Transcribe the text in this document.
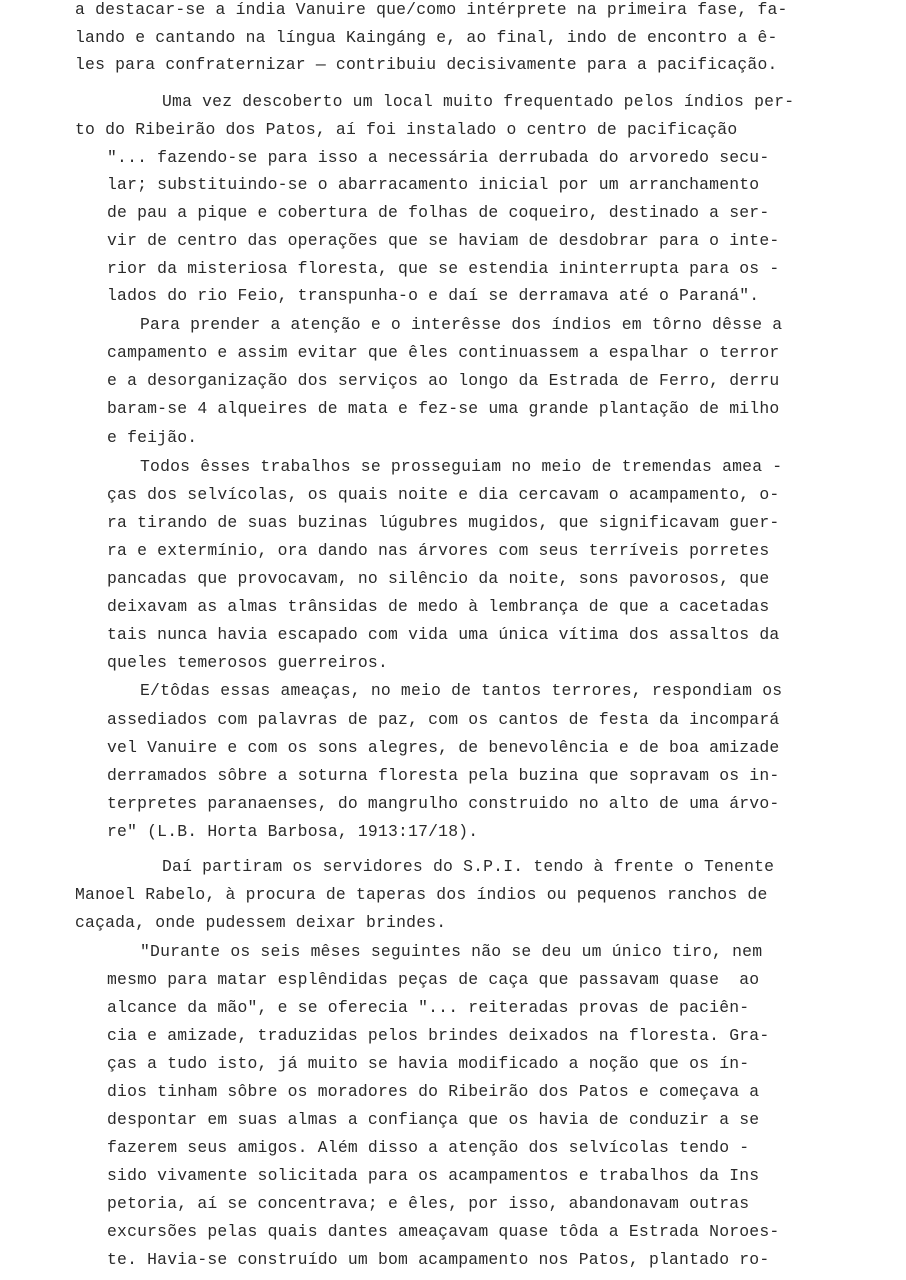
a destacar-se a índia Vanuire que/como intérprete na primeira fase, fa-
lando e cantando na língua Kaingáng e, ao final, indo de encontro a ê-
les para confraternizar — contribuiu decisivamente para a pacificação.
Uma vez descoberto um local muito frequentado pelos índios per-
to do Ribeirão dos Patos, aí foi instalado o centro de pacificação
"... fazendo-se para isso a necessária derrubada do arvoredo secu-
lar; substituindo-se o abarracamento inicial por um arranchamento
de pau a pique e cobertura de folhas de coqueiro, destinado a ser-
vir de centro das operações que se haviam de desdobrar para o inte-
rior da misteriosa floresta, que se estendia ininterrupta para os -
lados do rio Feio, transpunha-o e daí se derramava até o Paraná".
Para prender a atenção e o interêsse dos índios em tôrno dêsse a
campamento e assim evitar que êles continuassem a espalhar o terror
e a desorganização dos serviços ao longo da Estrada de Ferro, derru
baram-se 4 alqueires de mata e fez-se uma grande plantação de milho
e feijão.
Todos êsses trabalhos se prosseguiam no meio de tremendas amea -
ças dos selvícolas, os quais noite e dia cercavam o acampamento, o-
ra tirando de suas buzinas lúgubres mugidos, que significavam guer-
ra e extermínio, ora dando nas árvores com seus terríveis porretes
pancadas que provocavam, no silêncio da noite, sons pavorosos, que
deixavam as almas trânsidas de medo à lembrança de que a cacetadas
tais nunca havia escapado com vida uma única vítima dos assaltos da
queles temerosos guerreiros.
E/tôdas essas ameaças, no meio de tantos terrores, respondiam os
assediados com palavras de paz, com os cantos de festa da incompará
vel Vanuire e com os sons alegres, de benevolência e de boa amizade
derramados sôbre a soturna floresta pela buzina que sopravam os in-
terpretes paranaenses, do mangrulho construido no alto de uma árvo-
re" (L.B. Horta Barbosa, 1913:17/18).
Daí partiram os servidores do S.P.I. tendo à frente o Tenente
Manoel Rabelo, à procura de taperas dos índios ou pequenos ranchos de
caçada, onde pudessem deixar brindes.
"Durante os seis mêses seguintes não se deu um único tiro, nem
mesmo para matar esplêndidas peças de caça que passavam quase  ao
alcance da mão", e se oferecia "... reiteradas provas de paciên-
cia e amizade, traduzidas pelos brindes deixados na floresta. Gra-
ças a tudo isto, já muito se havia modificado a noção que os ín-
dios tinham sôbre os moradores do Ribeirão dos Patos e começava a
despontar em suas almas a confiança que os havia de conduzir a se
fazerem seus amigos. Além disso a atenção dos selvícolas tendo -
sido vivamente solicitada para os acampamentos e trabalhos da Ins
petoria, aí se concentrava; e êles, por isso, abandonavam outras
excursões pelas quais dantes ameaçavam quase tôda a Estrada Noroes-
te. Havia-se construído um bom acampamento nos Patos, plantado ro-
